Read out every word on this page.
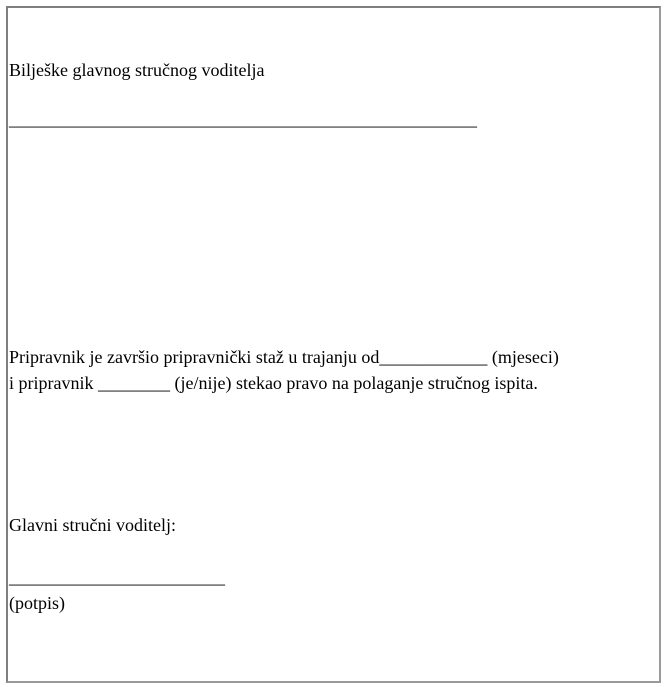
Bilješke glavnog stručnog voditelja
____________________________________________________
Pripravnik je završio pripravnički staž u trajanju od____________ (mjeseci)
i pripravnik ________ (je/nije) stekao pravo na polaganje stručnog ispita.
Glavni stručni voditelj:
________________________
(potpis)
